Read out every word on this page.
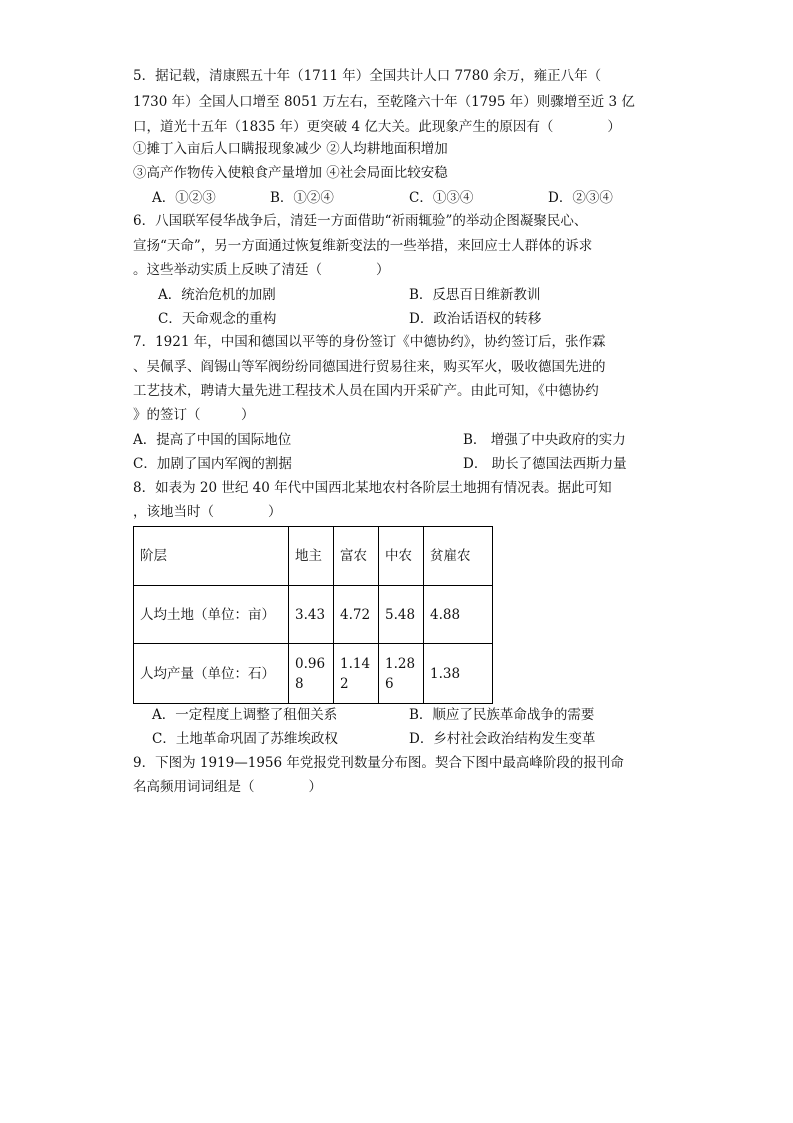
5．据记载，清康熙五十年（1711 年）全国共计人口 7780 余万，雍正八年（
1730 年）全国人口增至 8051 万左右，至乾隆六十年（1795 年）则骤增至近 3 亿
口，道光十五年（1835 年）更突破 4 亿大关。此现象产生的原因有（　　　　）
①摊丁入亩后人口瞒报现象减少 ②人均耕地面积增加
③高产作物传入使粮食产量增加 ④社会局面比较安稳
A．①②③	B．①②④	C．①③④	D．②③④
6．八国联军侵华战争后，清廷一方面借助“祈雨辄验”的举动企图凝聚民心、
宣扬“天命”，另一方面通过恢复维新变法的一些举措，来回应士人群体的诉求
。这些举动实质上反映了清廷（　　　　）
A．统治危机的加剧	B．反思百日维新教训
C．天命观念的重构	D．政治话语权的转移
7．1921 年，中国和德国以平等的身份签订《中德协约》，协约签订后，张作霖
、吴佩孚、阎锡山等军阀纷纷同德国进行贸易往来，购买军火，吸收德国先进的
工艺技术，聘请大量先进工程技术人员在国内开采矿产。由此可知，《中德协约
》的签订（　　　）
A．提高了中国的国际地位	B． 增强了中央政府的实力
C．加剧了国内军阀的割据	D． 助长了德国法西斯力量
8．如表为 20 世纪 40 年代中国西北某地农村各阶层土地拥有情况表。据此可知
，该地当时（　　　　）
阶层	地主	富农	中农	贫雇农
人均土地（单位：亩）	3.43	4.72	5.48	4.88
人均产量（单位：石）	0.968	1.142	1.286	1.38
A．一定程度上调整了租佃关系	B．顺应了民族革命战争的需要
C．土地革命巩固了苏维埃政权	D．乡村社会政治结构发生变革
9．下图为 1919—1956 年党报党刊数量分布图。契合下图中最高峰阶段的报刊命
名高频用词词组是（　　　　）
